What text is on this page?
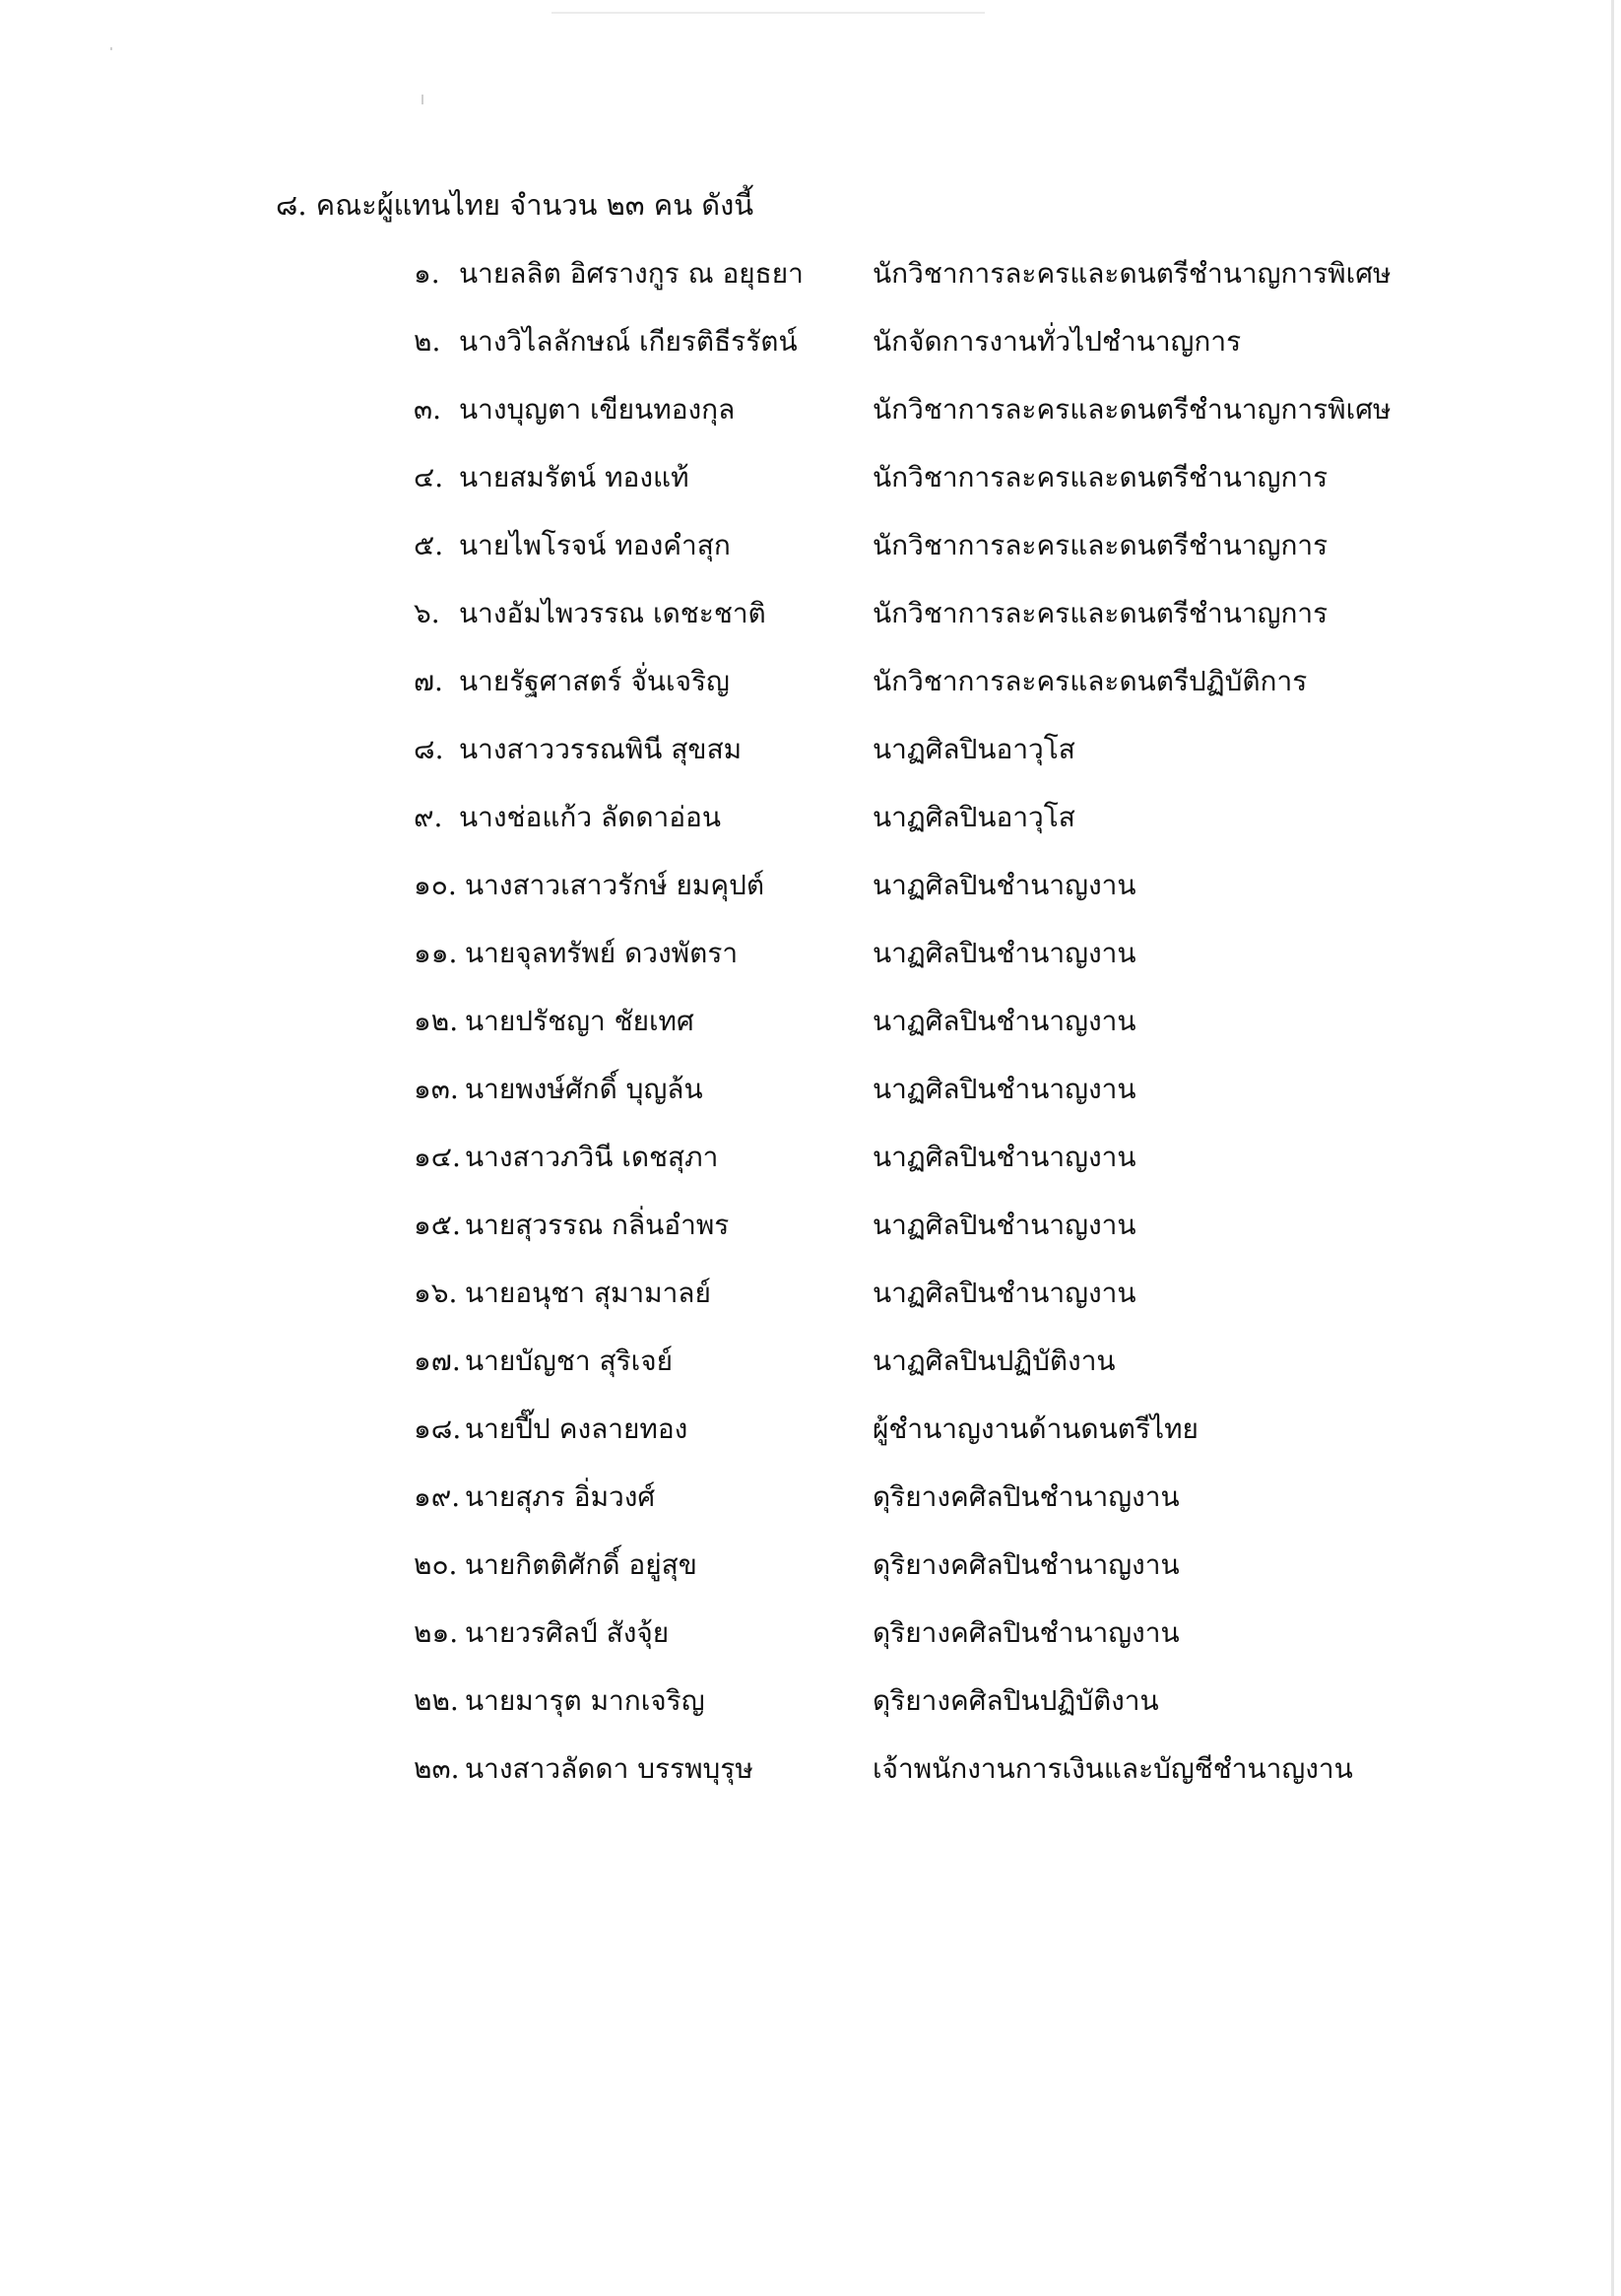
๘. คณะผู้แทนไทย จำนวน ๒๓ คน ดังนี้
๑. นายลลิต อิศรางกูร ณ อยุธยา	นักวิชาการละครและดนตรีชำนาญการพิเศษ
๒. นางวิไลลักษณ์ เกียรติธีรรัตน์	นักจัดการงานทั่วไปชำนาญการ
๓. นางบุญตา เขียนทองกุล	นักวิชาการละครและดนตรีชำนาญการพิเศษ
๔. นายสมรัตน์ ทองแท้	นักวิชาการละครและดนตรีชำนาญการ
๕. นายไพโรจน์ ทองคำสุก	นักวิชาการละครและดนตรีชำนาญการ
๖. นางอัมไพวรรณ เดชะชาติ	นักวิชาการละครและดนตรีชำนาญการ
๗. นายรัฐศาสตร์ จั่นเจริญ	นักวิชาการละครและดนตรีปฏิบัติการ
๘. นางสาววรรณพินี สุขสม	นาฏศิลปินอาวุโส
๙. นางช่อแก้ว ลัดดาอ่อน	นาฏศิลปินอาวุโส
๑๐. นางสาวเสาวรักษ์ ยมคุปต์	นาฏศิลปินชำนาญงาน
๑๑. นายจุลทรัพย์ ดวงพัตรา	นาฏศิลปินชำนาญงาน
๑๒. นายปรัชญา ชัยเทศ	นาฏศิลปินชำนาญงาน
๑๓. นายพงษ์ศักดิ์ บุญล้น	นาฏศิลปินชำนาญงาน
๑๔. นางสาวภวินี เดชสุภา	นาฏศิลปินชำนาญงาน
๑๕. นายสุวรรณ กลิ่นอำพร	นาฏศิลปินชำนาญงาน
๑๖. นายอนุชา สุมามาลย์	นาฏศิลปินชำนาญงาน
๑๗. นายบัญชา สุริเจย์	นาฏศิลปินปฏิบัติงาน
๑๘. นายปี๊ป คงลายทอง	ผู้ชำนาญงานด้านดนตรีไทย
๑๙. นายสุภร อิ่มวงศ์	ดุริยางคศิลปินชำนาญงาน
๒๐. นายกิตติศักดิ์ อยู่สุข	ดุริยางคศิลปินชำนาญงาน
๒๑. นายวรศิลป์ สังจุ้ย	ดุริยางคศิลปินชำนาญงาน
๒๒. นายมารุต มากเจริญ	ดุริยางคศิลปินปฏิบัติงาน
๒๓. นางสาวลัดดา บรรพบุรุษ	เจ้าพนักงานการเงินและบัญชีชำนาญงาน
